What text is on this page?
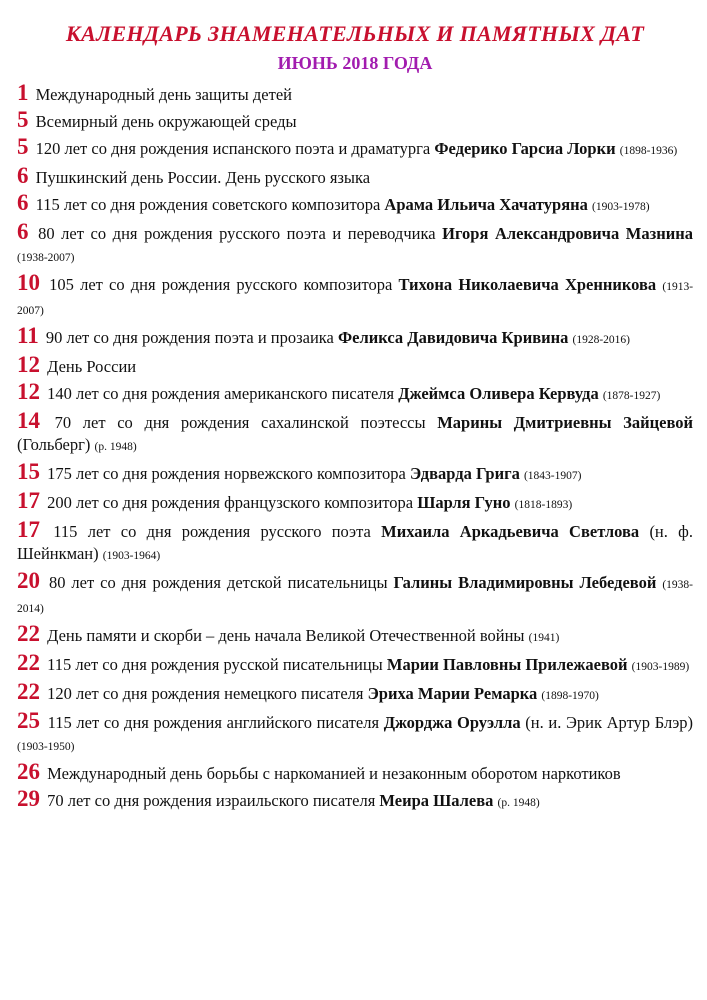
КАЛЕНДАРЬ ЗНАМЕНАТЕЛЬНЫХ И ПАМЯТНЫХ ДАТ
ИЮНЬ 2018 ГОДА
1 Международный день защиты детей
5 Всемирный день окружающей среды
5 120 лет со дня рождения испанского поэта и драматурга Федерико Гарсиа Лорки (1898-1936)
6 Пушкинский день России. День русского языка
6 115 лет со дня рождения советского композитора Арама Ильича Хачатуряна (1903-1978)
6 80 лет со дня рождения русского поэта и переводчика Игоря Александровича Мазнина (1938-2007)
10 105 лет со дня рождения русского композитора Тихона Николаевича Хренникова (1913-2007)
11 90 лет со дня рождения поэта и прозаика Феликса Давидовича Кривина (1928-2016)
12 День России
12 140 лет со дня рождения американского писателя Джеймса Оливера Кервуда (1878-1927)
14 70 лет со дня рождения сахалинской поэтессы Марины Дмитриевны Зайцевой (Гольберг) (р. 1948)
15 175 лет со дня рождения норвежского композитора Эдварда Грига (1843-1907)
17 200 лет со дня рождения французского композитора Шарля Гуно (1818-1893)
17 115 лет со дня рождения русского поэта Михаила Аркадьевича Светлова (н. ф. Шейнкман) (1903-1964)
20 80 лет со дня рождения детской писательницы Галины Владимировны Лебедевой (1938-2014)
22 День памяти и скорби – день начала Великой Отечественной войны (1941)
22 115 лет со дня рождения русской писательницы Марии Павловны Прилежаевой (1903-1989)
22 120 лет со дня рождения немецкого писателя Эриха Марии Ремарка (1898-1970)
25 115 лет со дня рождения английского писателя Джорджа Оруэлла (н. и. Эрик Артур Блэр) (1903-1950)
26 Международный день борьбы с наркоманией и незаконным оборотом наркотиков
29 70 лет со дня рождения израильского писателя Меира Шалева (р. 1948)
